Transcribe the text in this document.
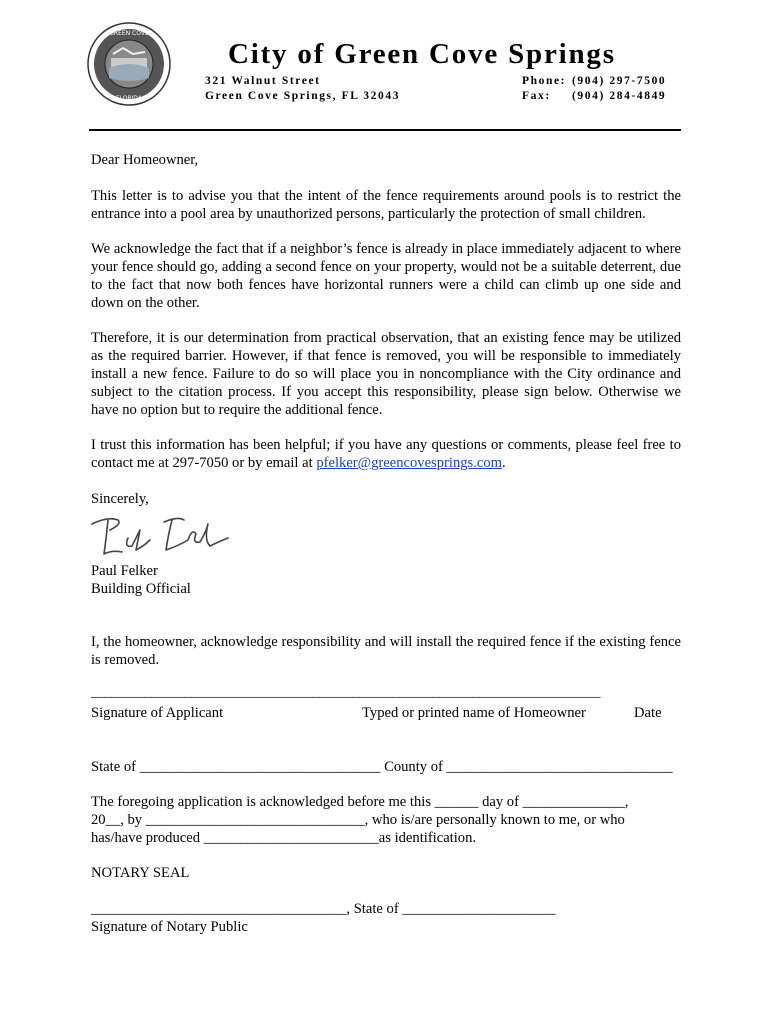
GREEN COVE
FLORIDA
City of Green Cove Springs
321 Walnut Street
Green Cove Springs, FL 32043
Phone: (904) 297-7500
Fax: (904) 284-4849
Dear Homeowner,
This letter is to advise you that the intent of the fence requirements around pools is to restrict the entrance into a pool area by unauthorized persons, particularly the protection of small children.
We acknowledge the fact that if a neighbor’s fence is already in place immediately adjacent to where your fence should go, adding a second fence on your property, would not be a suitable deterrent, due to the fact that now both fences have horizontal runners were a child can climb up one side and down on the other.
Therefore, it is our determination from practical observation, that an existing fence may be utilized as the required barrier. However, if that fence is removed, you will be responsible to immediately install a new fence. Failure to do so will place you in noncompliance with the City ordinance and subject to the citation process. If you accept this responsibility, please sign below. Otherwise we have no option but to require the additional fence.
I trust this information has been helpful; if you have any questions or comments, please feel free to contact me at 297-7050 or by email at pfelker@greencovesprings.com.
Sincerely,
Paul Felker
Building Official
I, the homeowner, acknowledge responsibility and will install the required fence if the existing fence is removed.
____________________________________________________________________________
Signature of Applicant	Typed or printed name of Homeowner	Date
State of _________________________________ County of _______________________________
The foregoing application is acknowledged before me this ______ day of ______________,
20__, by ______________________________, who is/are personally known to me, or who
has/have produced ________________________as identification.
NOTARY SEAL
___________________________________, State of _____________________
Signature of Notary Public
